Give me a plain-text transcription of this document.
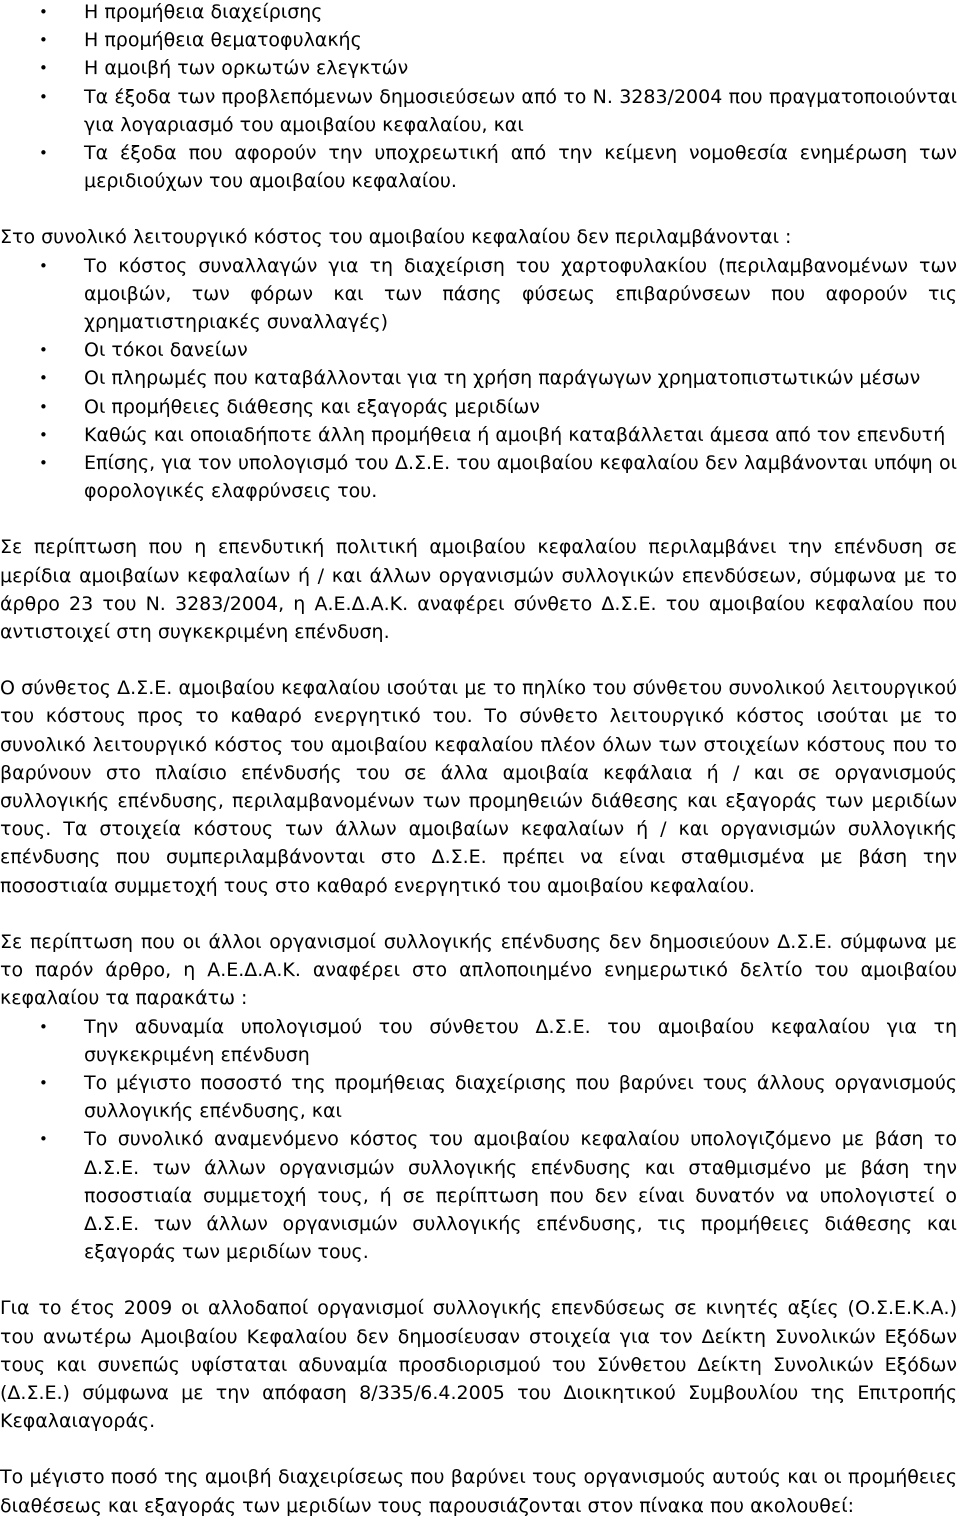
• Η προμήθεια διαχείρισης
• Η προμήθεια θεματοφυλακής
• Η αμοιβή των ορκωτών ελεγκτών
• Τα έξοδα των προβλεπόμενων δημοσιεύσεων από το Ν. 3283/2004 που πραγματοποιούνται για λογαριασμό του αμοιβαίου κεφαλαίου, και
• Τα έξοδα που αφορούν την υποχρεωτική από την κείμενη νομοθεσία ενημέρωση των μεριδιούχων του αμοιβαίου κεφαλαίου.

Στο συνολικό λειτουργικό κόστος του αμοιβαίου κεφαλαίου δεν περιλαμβάνονται :

• Το κόστος συναλλαγών για τη διαχείριση του χαρτοφυλακίου (περιλαμβανομένων των αμοιβών, των φόρων και των πάσης φύσεως επιβαρύνσεων που αφορούν τις χρηματιστηριακές συναλλαγές)
• Οι τόκοι δανείων
• Οι πληρωμές που καταβάλλονται για τη χρήση παράγωγων χρηματοπιστωτικών μέσων
• Οι προμήθειες διάθεσης και εξαγοράς μεριδίων
• Καθώς και οποιαδήποτε άλλη προμήθεια ή αμοιβή καταβάλλεται άμεσα από τον επενδυτή
• Επίσης, για τον υπολογισμό του Δ.Σ.Ε. του αμοιβαίου κεφαλαίου δεν λαμβάνονται υπόψη οι φορολογικές ελαφρύνσεις του.

Σε περίπτωση που η επενδυτική πολιτική αμοιβαίου κεφαλαίου περιλαμβάνει την επένδυση σε μερίδια αμοιβαίων κεφαλαίων ή / και άλλων οργανισμών συλλογικών επενδύσεων, σύμφωνα με το άρθρο 23 του Ν. 3283/2004, η Α.Ε.Δ.Α.Κ. αναφέρει σύνθετο Δ.Σ.Ε. του αμοιβαίου κεφαλαίου που αντιστοιχεί στη συγκεκριμένη επένδυση.

Ο σύνθετος Δ.Σ.Ε. αμοιβαίου κεφαλαίου ισούται με το πηλίκο του σύνθετου συνολικού λειτουργικού του κόστους προς το καθαρό ενεργητικό του. Το σύνθετο λειτουργικό κόστος ισούται με το συνολικό λειτουργικό κόστος του αμοιβαίου κεφαλαίου πλέον όλων των στοιχείων κόστους που το βαρύνουν στο πλαίσιο επένδυσής του σε άλλα αμοιβαία κεφάλαια ή / και σε οργανισμούς συλλογικής επένδυσης, περιλαμβανομένων των προμηθειών διάθεσης και εξαγοράς των μεριδίων τους. Τα στοιχεία κόστους των άλλων αμοιβαίων κεφαλαίων ή / και οργανισμών συλλογικής επένδυσης που συμπεριλαμβάνονται στο Δ.Σ.Ε. πρέπει να είναι σταθμισμένα με βάση την ποσοστιαία συμμετοχή τους στο καθαρό ενεργητικό του αμοιβαίου κεφαλαίου.

Σε περίπτωση που οι άλλοι οργανισμοί συλλογικής επένδυσης δεν δημοσιεύουν Δ.Σ.Ε. σύμφωνα με το παρόν άρθρο, η Α.Ε.Δ.Α.Κ. αναφέρει στο απλοποιημένο ενημερωτικό δελτίο του αμοιβαίου κεφαλαίου τα παρακάτω :

• Την αδυναμία υπολογισμού του σύνθετου Δ.Σ.Ε. του αμοιβαίου κεφαλαίου για τη συγκεκριμένη επένδυση
• Το μέγιστο ποσοστό της προμήθειας διαχείρισης που βαρύνει τους άλλους οργανισμούς συλλογικής επένδυσης, και
• Το συνολικό αναμενόμενο κόστος του αμοιβαίου κεφαλαίου υπολογιζόμενο με βάση το Δ.Σ.Ε. των άλλων οργανισμών συλλογικής επένδυσης και σταθμισμένο με βάση την ποσοστιαία συμμετοχή τους, ή σε περίπτωση που δεν είναι δυνατόν να υπολογιστεί ο Δ.Σ.Ε. των άλλων οργανισμών συλλογικής επένδυσης, τις προμήθειες διάθεσης και εξαγοράς των μεριδίων τους.

Για το έτος 2009 οι αλλοδαποί οργανισμοί συλλογικής επενδύσεως σε κινητές αξίες (Ο.Σ.Ε.Κ.Α.) του ανωτέρω Αμοιβαίου Κεφαλαίου δεν δημοσίευσαν στοιχεία για τον Δείκτη Συνολικών Εξόδων τους και συνεπώς υφίσταται αδυναμία προσδιορισμού του Σύνθετου Δείκτη Συνολικών Εξόδων (Δ.Σ.Ε.) σύμφωνα με την απόφαση 8/335/6.4.2005 του Διοικητικού Συμβουλίου της Επιτροπής Κεφαλαιαγοράς.

Το μέγιστο ποσό της αμοιβή διαχειρίσεως που βαρύνει τους οργανισμούς αυτούς και οι προμήθειες διαθέσεως και εξαγοράς των μεριδίων τους παρουσιάζονται στον πίνακα που ακολουθεί:
